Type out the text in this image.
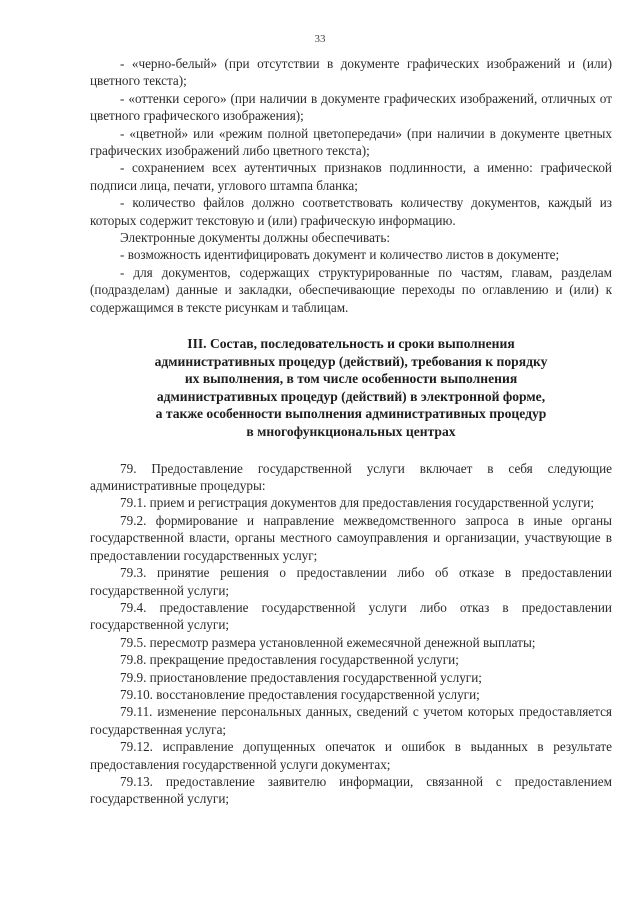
33

- «черно-белый» (при отсутствии в документе графических изображений и (или) цветного текста);

- «оттенки серого» (при наличии в документе графических изображений, отличных от цветного графического изображения);

- «цветной» или «режим полной цветопередачи» (при наличии в документе цветных графических изображений либо цветного текста);

- сохранением всех аутентичных признаков подлинности, а именно: графической подписи лица, печати, углового штампа бланка;

- количество файлов должно соответствовать количеству документов, каждый из которых содержит текстовую и (или) графическую информацию.

Электронные документы должны обеспечивать:

- возможность идентифицировать документ и количество листов в документе;

- для документов, содержащих структурированные по частям, главам, разделам (подразделам) данные и закладки, обеспечивающие переходы по оглавлению и (или) к содержащимся в тексте рисункам и таблицам.

III. Состав, последовательность и сроки выполнения
административных процедур (действий), требования к порядку
их выполнения, в том числе особенности выполнения
административных процедур (действий) в электронной форме,
а также особенности выполнения административных процедур
в многофункциональных центрах

79. Предоставление государственной услуги включает в себя следующие административные процедуры:

79.1. прием и регистрация документов для предоставления государственной услуги;

79.2. формирование и направление межведомственного запроса в иные органы государственной власти, органы местного самоуправления и организации, участвующие в предоставлении государственных услуг;

79.3. принятие решения о предоставлении либо об отказе в предоставлении государственной услуги;

79.4. предоставление государственной услуги либо отказ в предоставлении государственной услуги;

79.5. пересмотр размера установленной ежемесячной денежной выплаты;

79.8. прекращение предоставления государственной услуги;

79.9. приостановление предоставления государственной услуги;

79.10. восстановление предоставления государственной услуги;

79.11. изменение персональных данных, сведений с учетом которых предоставляется государственная услуга;

79.12. исправление допущенных опечаток и ошибок в выданных в результате предоставления государственной услуги документах;

79.13. предоставление заявителю информации, связанной с предоставлением государственной услуги;
